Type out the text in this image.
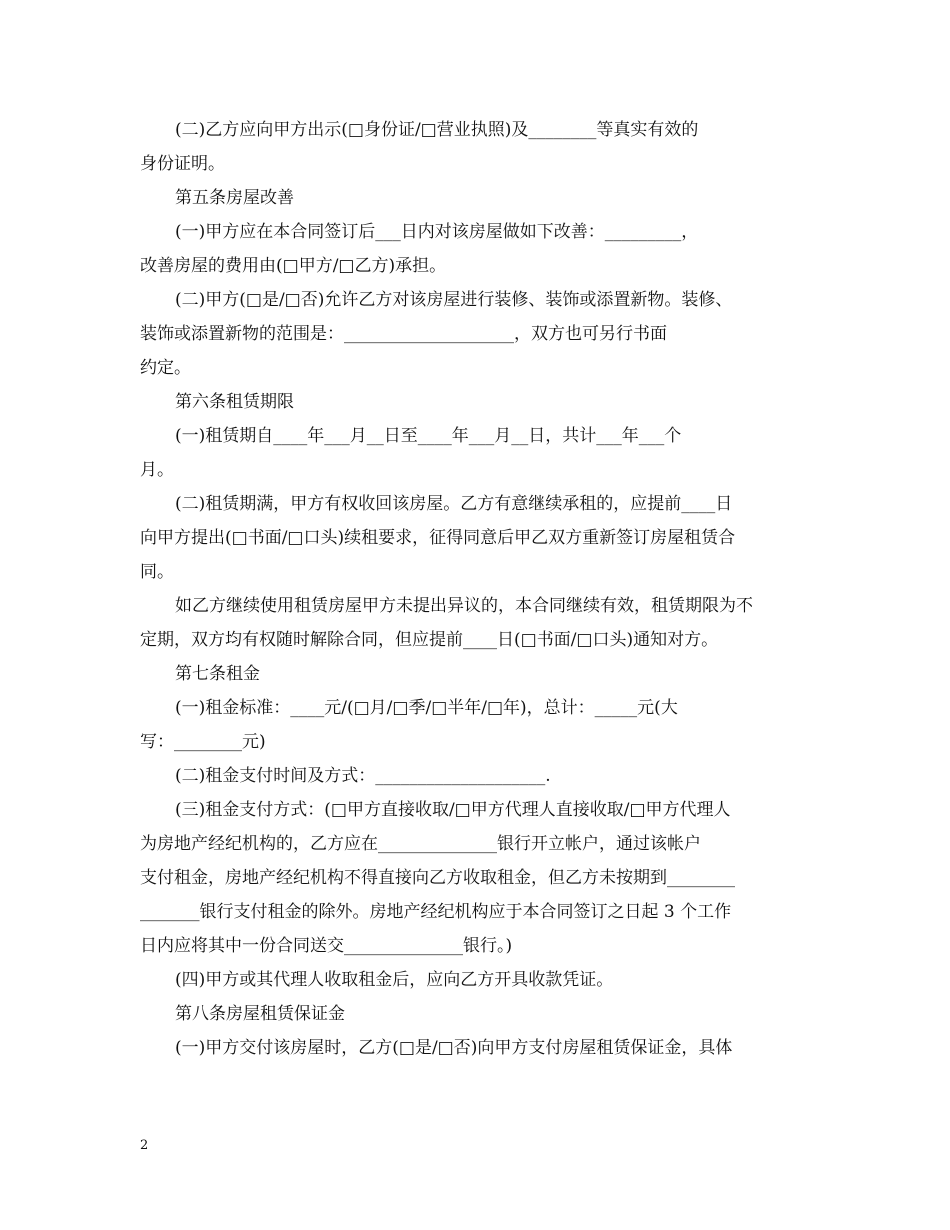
(二)乙方应向甲方出示(□身份证/□营业执照)及________等真实有效的
身份证明。
第五条房屋改善
(一)甲方应在本合同签订后___日内对该房屋做如下改善：_________，
改善房屋的费用由(□甲方/□乙方)承担。
(二)甲方(□是/□否)允许乙方对该房屋进行装修、装饰或添置新物。装修、
装饰或添置新物的范围是：____________________，双方也可另行书面
约定。
第六条租赁期限
(一)租赁期自____年___月__日至____年___月__日，共计___年___个
月。
(二)租赁期满，甲方有权收回该房屋。乙方有意继续承租的，应提前____日
向甲方提出(□书面/□口头)续租要求，征得同意后甲乙双方重新签订房屋租赁合
同。
如乙方继续使用租赁房屋甲方未提出异议的，本合同继续有效，租赁期限为不
定期，双方均有权随时解除合同，但应提前____日(□书面/□口头)通知对方。
第七条租金
(一)租金标准：____元/(□月/□季/□半年/□年)，总计：_____元(大
写：________元)
(二)租金支付时间及方式：____________________.
(三)租金支付方式：(□甲方直接收取/□甲方代理人直接收取/□甲方代理人
为房地产经纪机构的，乙方应在______________银行开立帐户，通过该帐户
支付租金，房地产经纪机构不得直接向乙方收取租金，但乙方未按期到________
_______银行支付租金的除外。房地产经纪机构应于本合同签订之日起 3 个工作
日内应将其中一份合同送交______________银行。)
(四)甲方或其代理人收取租金后，应向乙方开具收款凭证。
第八条房屋租赁保证金
(一)甲方交付该房屋时，乙方(□是/□否)向甲方支付房屋租赁保证金，具体
2
